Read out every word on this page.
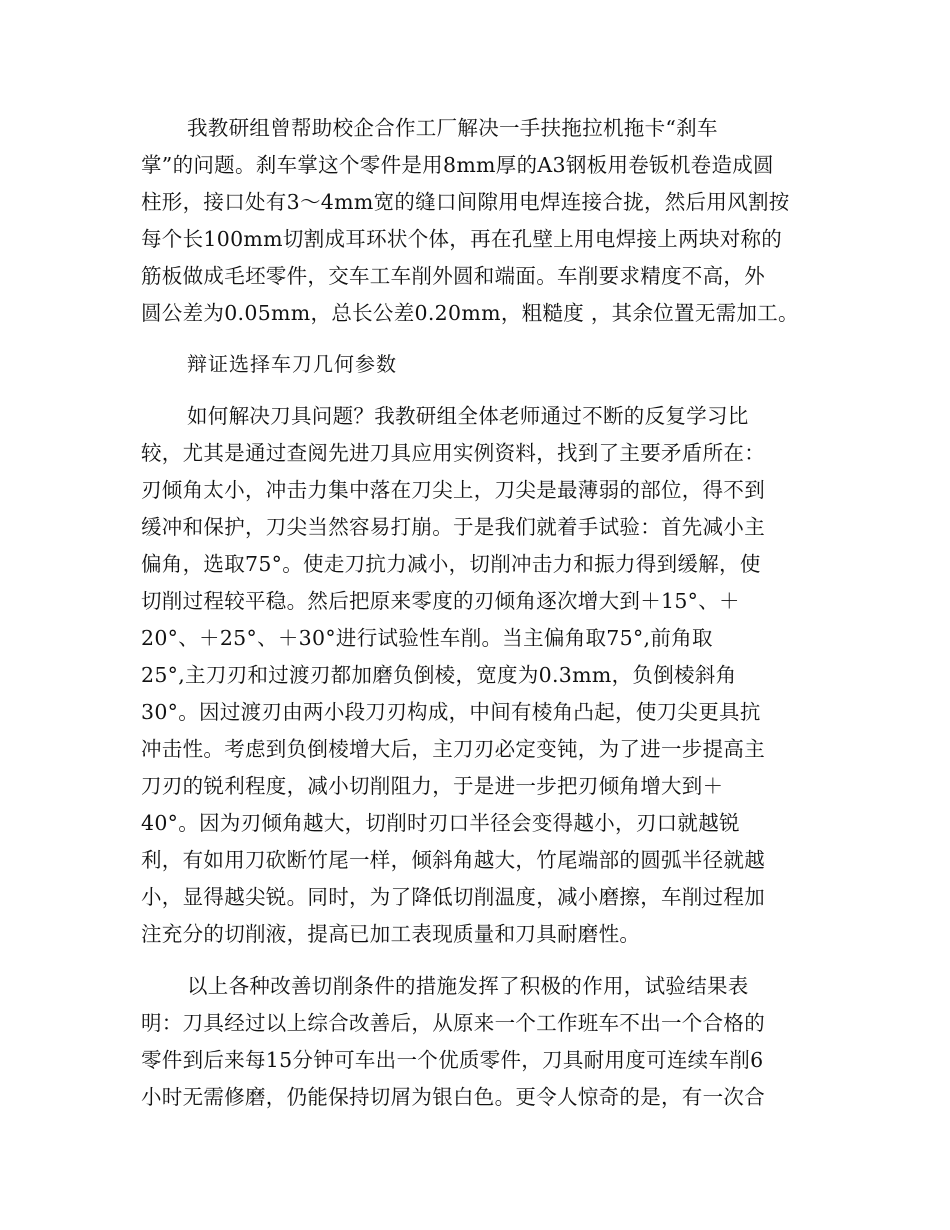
我教研组曾帮助校企合作工厂解决一手扶拖拉机拖卡“刹车
掌”的问题。刹车掌这个零件是用8mm厚的A3钢板用卷钣机卷造成圆
柱形，接口处有3～4mm宽的缝口间隙用电焊连接合拢，然后用风割按
每个长100mm切割成耳环状个体，再在孔壁上用电焊接上两块对称的
筋板做成毛坯零件，交车工车削外圆和端面。车削要求精度不高，外
圆公差为0.05mm，总长公差0.20mm，粗糙度 ，其余位置无需加工。
辩证选择车刀几何参数
如何解决刀具问题？我教研组全体老师通过不断的反复学习比
较，尤其是通过查阅先进刀具应用实例资料，找到了主要矛盾所在：
刃倾角太小，冲击力集中落在刀尖上，刀尖是最薄弱的部位，得不到
缓冲和保护，刀尖当然容易打崩。于是我们就着手试验：首先减小主
偏角，选取75°。使走刀抗力减小，切削冲击力和振力得到缓解，使
切削过程较平稳。然后把原来零度的刃倾角逐次增大到＋15°、＋
20°、＋25°、＋30°进行试验性车削。当主偏角取75°,前角取
25°,主刀刃和过渡刃都加磨负倒棱，宽度为0.3mm，负倒棱斜角
30°。因过渡刃由两小段刀刃构成，中间有棱角凸起，使刀尖更具抗
冲击性。考虑到负倒棱增大后，主刀刃必定变钝，为了进一步提高主
刀刃的锐利程度，减小切削阻力，于是进一步把刃倾角增大到＋
40°。因为刃倾角越大，切削时刃口半径会变得越小，刃口就越锐
利，有如用刀砍断竹尾一样，倾斜角越大，竹尾端部的圆弧半径就越
小，显得越尖锐。同时，为了降低切削温度，减小磨擦，车削过程加
注充分的切削液，提高已加工表现质量和刀具耐磨性。
以上各种改善切削条件的措施发挥了积极的作用，试验结果表
明：刀具经过以上综合改善后，从原来一个工作班车不出一个合格的
零件到后来每15分钟可车出一个优质零件，刀具耐用度可连续车削6
小时无需修磨，仍能保持切屑为银白色。更令人惊奇的是，有一次合
